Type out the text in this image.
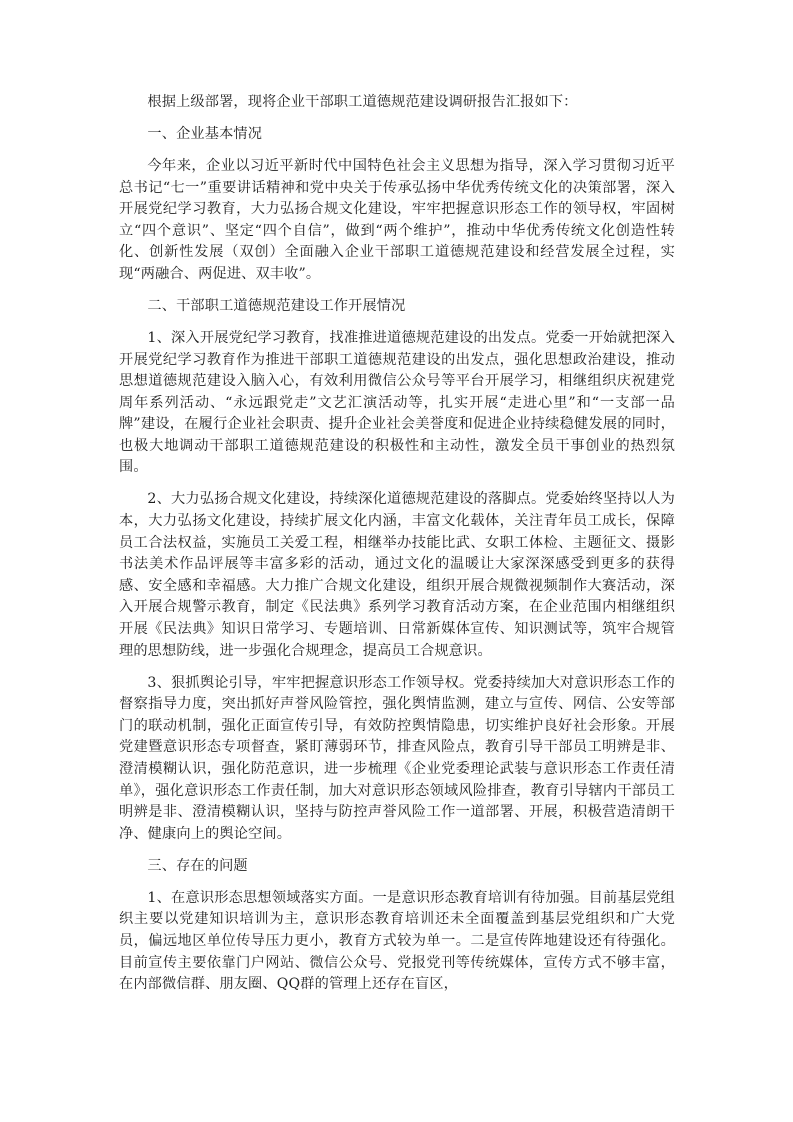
根据上级部署，现将企业干部职工道德规范建设调研报告汇报如下：

一、企业基本情况

今年来，企业以习近平新时代中国特色社会主义思想为指导，深入学习贯彻习近平总书记“七一”重要讲话精神和党中央关于传承弘扬中华优秀传统文化的决策部署，深入开展党纪学习教育，大力弘扬合规文化建设，牢牢把握意识形态工作的领导权，牢固树立“四个意识”、坚定“四个自信”，做到“两个维护”，推动中华优秀传统文化创造性转化、创新性发展（双创）全面融入企业干部职工道德规范建设和经营发展全过程，实现“两融合、两促进、双丰收”。

二、干部职工道德规范建设工作开展情况

1、深入开展党纪学习教育，找准推进道德规范建设的出发点。党委一开始就把深入开展党纪学习教育作为推进干部职工道德规范建设的出发点，强化思想政治建设，推动思想道德规范建设入脑入心，有效利用微信公众号等平台开展学习，相继组织庆祝建党周年系列活动、“永远跟党走”文艺汇演活动等，扎实开展“走进心里”和“一支部一品牌”建设，在履行企业社会职责、提升企业社会美誉度和促进企业持续稳健发展的同时，也极大地调动干部职工道德规范建设的积极性和主动性，激发全员干事创业的热烈氛围。

2、大力弘扬合规文化建设，持续深化道德规范建设的落脚点。党委始终坚持以人为本，大力弘扬文化建设，持续扩展文化内涵，丰富文化载体，关注青年员工成长，保障员工合法权益，实施员工关爱工程，相继举办技能比武、女职工体检、主题征文、摄影书法美术作品评展等丰富多彩的活动，通过文化的温暖让大家深深感受到更多的获得感、安全感和幸福感。大力推广合规文化建设，组织开展合规微视频制作大赛活动，深入开展合规警示教育，制定《民法典》系列学习教育活动方案，在企业范围内相继组织开展《民法典》知识日常学习、专题培训、日常新媒体宣传、知识测试等，筑牢合规管理的思想防线，进一步强化合规理念，提高员工合规意识。

3、狠抓舆论引导，牢牢把握意识形态工作领导权。党委持续加大对意识形态工作的督察指导力度，突出抓好声誉风险管控，强化舆情监测，建立与宣传、网信、公安等部门的联动机制，强化正面宣传引导，有效防控舆情隐患，切实维护良好社会形象。开展党建暨意识形态专项督查，紧盯薄弱环节，排查风险点，教育引导干部员工明辨是非、澄清模糊认识，强化防范意识，进一步梳理《企业党委理论武装与意识形态工作责任清单》，强化意识形态工作责任制，加大对意识形态领域风险排查，教育引导辖内干部员工明辨是非、澄清模糊认识，坚持与防控声誉风险工作一道部署、开展，积极营造清朗干净、健康向上的舆论空间。

三、存在的问题

1、在意识形态思想领域落实方面。一是意识形态教育培训有待加强。目前基层党组织主要以党建知识培训为主，意识形态教育培训还未全面覆盖到基层党组织和广大党员，偏远地区单位传导压力更小，教育方式较为单一。二是宣传阵地建设还有待强化。目前宣传主要依靠门户网站、微信公众号、党报党刊等传统媒体，宣传方式不够丰富，在内部微信群、朋友圈、QQ群的管理上还存在盲区，
